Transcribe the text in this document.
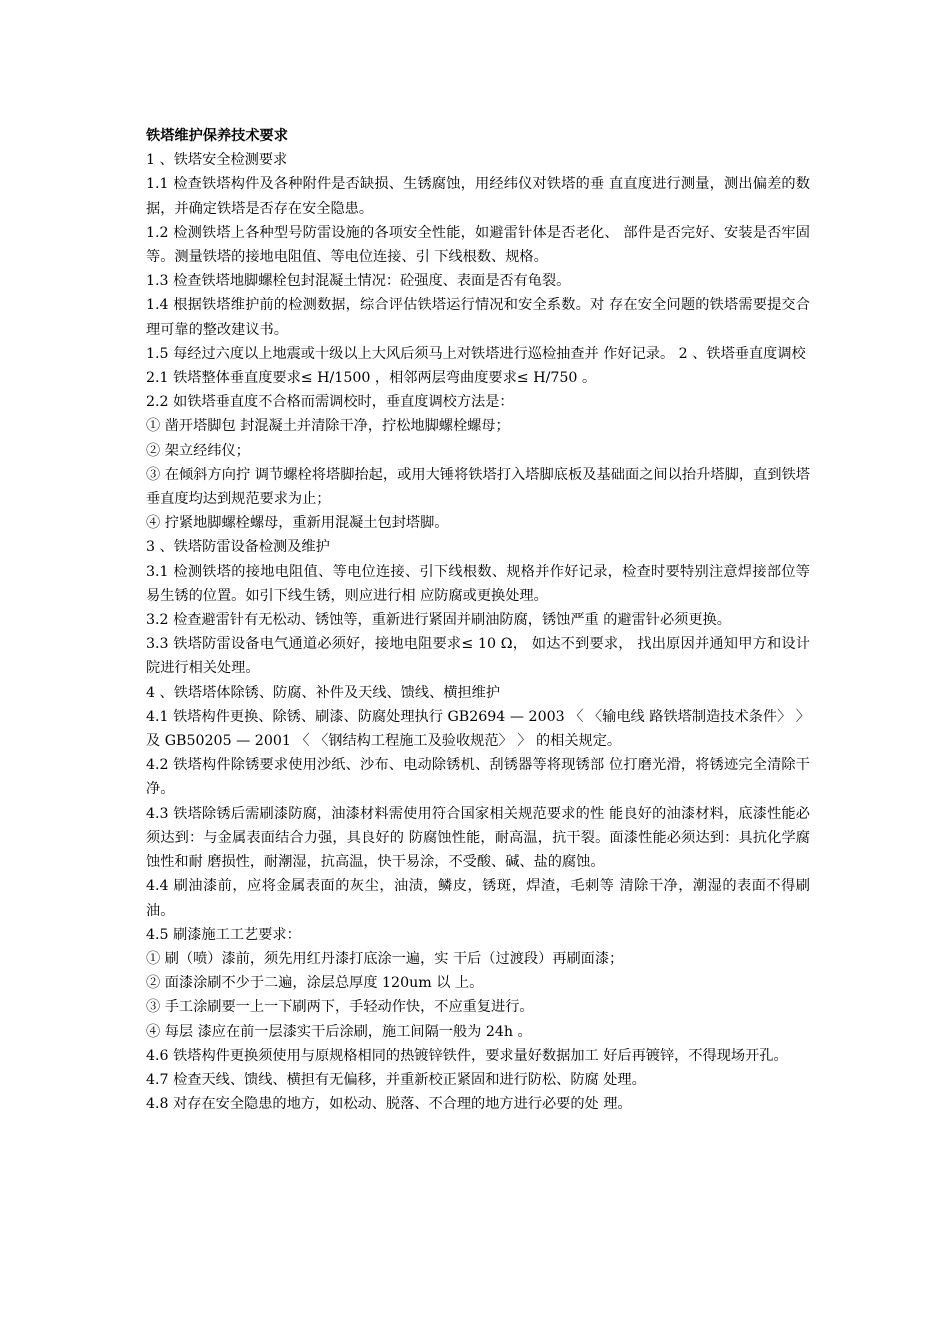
铁塔维护保养技术要求

1 、铁塔安全检测要求

1.1 检查铁塔构件及各种附件是否缺损、生锈腐蚀，用经纬仪对铁塔的垂 直直度进行测量，测出偏差的数据，并确定铁塔是否存在安全隐患。

1.2 检测铁塔上各种型号防雷设施的各项安全性能，如避雷针体是否老化、 部件是否完好、安装是否牢固等。测量铁塔的接地电阻值、等电位连接、引 下线根数、规格。

1.3 检查铁塔地脚螺栓包封混凝土情况：砼强度、表面是否有龟裂。

1.4 根据铁塔维护前的检测数据，综合评估铁塔运行情况和安全系数。对 存在安全问题的铁塔需要提交合理可靠的整改建议书。

1.5 每经过六度以上地震或十级以上大风后须马上对铁塔进行巡检抽查并 作好记录。 2 、铁塔垂直度调校

2.1 铁塔整体垂直度要求≤ H/1500 ，相邻两层弯曲度要求≤ H/750 。

2.2 如铁塔垂直度不合格而需调校时，垂直度调校方法是：

① 凿开塔脚包 封混凝土并清除干净，拧松地脚螺栓螺母；

② 架立经纬仪；

③ 在倾斜方向拧 调节螺栓将塔脚抬起，或用大锤将铁塔打入塔脚底板及基础面之间以抬升塔脚，直到铁塔垂直度均达到规范要求为止；

④ 拧紧地脚螺栓螺母，重新用混凝土包封塔脚。

3 、铁塔防雷设备检测及维护

3.1 检测铁塔的接地电阻值、等电位连接、引下线根数、规格并作好记录，检查时要特别注意焊接部位等易生锈的位置。如引下线生锈，则应进行相 应防腐或更换处理。

3.2 检查避雷针有无松动、锈蚀等，重新进行紧固并刷油防腐，锈蚀严重 的避雷针必须更换。

3.3 铁塔防雷设备电气通道必须好，接地电阻要求≤ 10 Ω， 如达不到要求， 找出原因并通知甲方和设计院进行相关处理。

4 、铁塔塔体除锈、防腐、补件及天线、馈线、横担维护

4.1 铁塔构件更换、除锈、刷漆、防腐处理执行 GB2694 — 2003 〈 〈输电线 路铁塔制造技术条件〉 〉 及 GB50205 — 2001 〈 〈钢结构工程施工及验收规范〉 〉 的相关规定。

4.2 铁塔构件除锈要求使用沙纸、沙布、电动除锈机、刮锈器等将现锈部 位打磨光滑，将锈迹完全清除干净。

4.3 铁塔除锈后需刷漆防腐，油漆材料需使用符合国家相关规范要求的性 能良好的油漆材料，底漆性能必须达到：与金属表面结合力强，具良好的 防腐蚀性能，耐高温，抗干裂。面漆性能必须达到：具抗化学腐蚀性和耐 磨损性，耐潮湿，抗高温，快干易涂，不受酸、碱、盐的腐蚀。

4.4 刷油漆前，应将金属表面的灰尘，油渍，鳞皮，锈斑，焊渣，毛刺等 清除干净，潮湿的表面不得刷油。

4.5 刷漆施工工艺要求：

① 刷（喷）漆前，须先用红丹漆打底涂一遍，实 干后（过渡段）再刷面漆；

② 面漆涂刷不少于二遍，涂层总厚度 120um 以 上。

③ 手工涂刷要一上一下刷两下，手轻动作快，不应重复进行。

④ 每层 漆应在前一层漆实干后涂刷，施工间隔一般为 24h 。

4.6 铁塔构件更换须使用与原规格相同的热镀锌铁件，要求量好数据加工 好后再镀锌，不得现场开孔。

4.7 检查天线、馈线、横担有无偏移，并重新校正紧固和进行防松、防腐 处理。

4.8 对存在安全隐患的地方，如松动、脱落、不合理的地方进行必要的处 理。
